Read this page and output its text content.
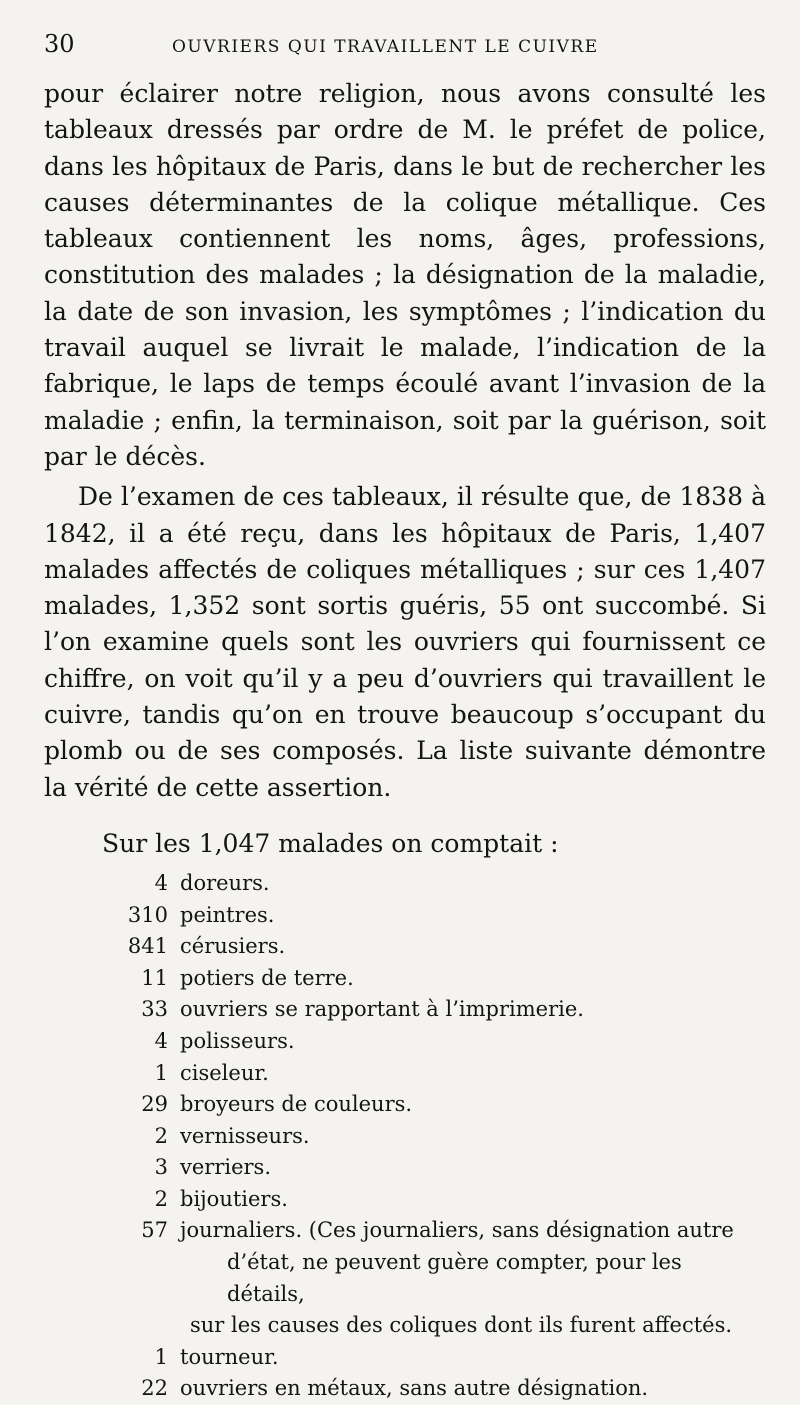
30	OUVRIERS QUI TRAVAILLENT LE CUIVRE

pour éclairer notre religion, nous avons consulté les tableaux dressés par ordre de M. le préfet de police, dans les hôpitaux de Paris, dans le but de rechercher les causes déterminantes de la colique métallique. Ces tableaux contiennent les noms, âges, professions, constitution des malades ; la désignation de la maladie, la date de son invasion, les symptômes ; l’indication du travail auquel se livrait le malade, l’indication de la fabrique, le laps de temps écoulé avant l’invasion de la maladie ; enfin, la terminaison, soit par la guérison, soit par le décès.

De l’examen de ces tableaux, il résulte que, de 1838 à 1842, il a été reçu, dans les hôpitaux de Paris, 1,407 malades affectés de coliques métalliques ; sur ces 1,407 malades, 1,352 sont sortis guéris, 55 ont succombé. Si l’on examine quels sont les ouvriers qui fournissent ce chiffre, on voit qu’il y a peu d’ouvriers qui travaillent le cuivre, tandis qu’on en trouve beaucoup s’occupant du plomb ou de ses composés. La liste suivante démontre la vérité de cette assertion.

Sur les 1,047 malades on comptait :
4 doreurs.
310 peintres.
841 cérusiers.
11 potiers de terre.
33 ouvriers se rapportant à l’imprimerie.
4 polisseurs.
1 ciseleur.
29 broyeurs de couleurs.
2 vernisseurs.
3 verriers.
2 bijoutiers.
57 journaliers. (Ces journaliers, sans désignation autre
d’état, ne peuvent guère compter, pour les détails,
sur les causes des coliques dont ils furent affectés.
1 tourneur.
22 ouvriers en métaux, sans autre désignation.
